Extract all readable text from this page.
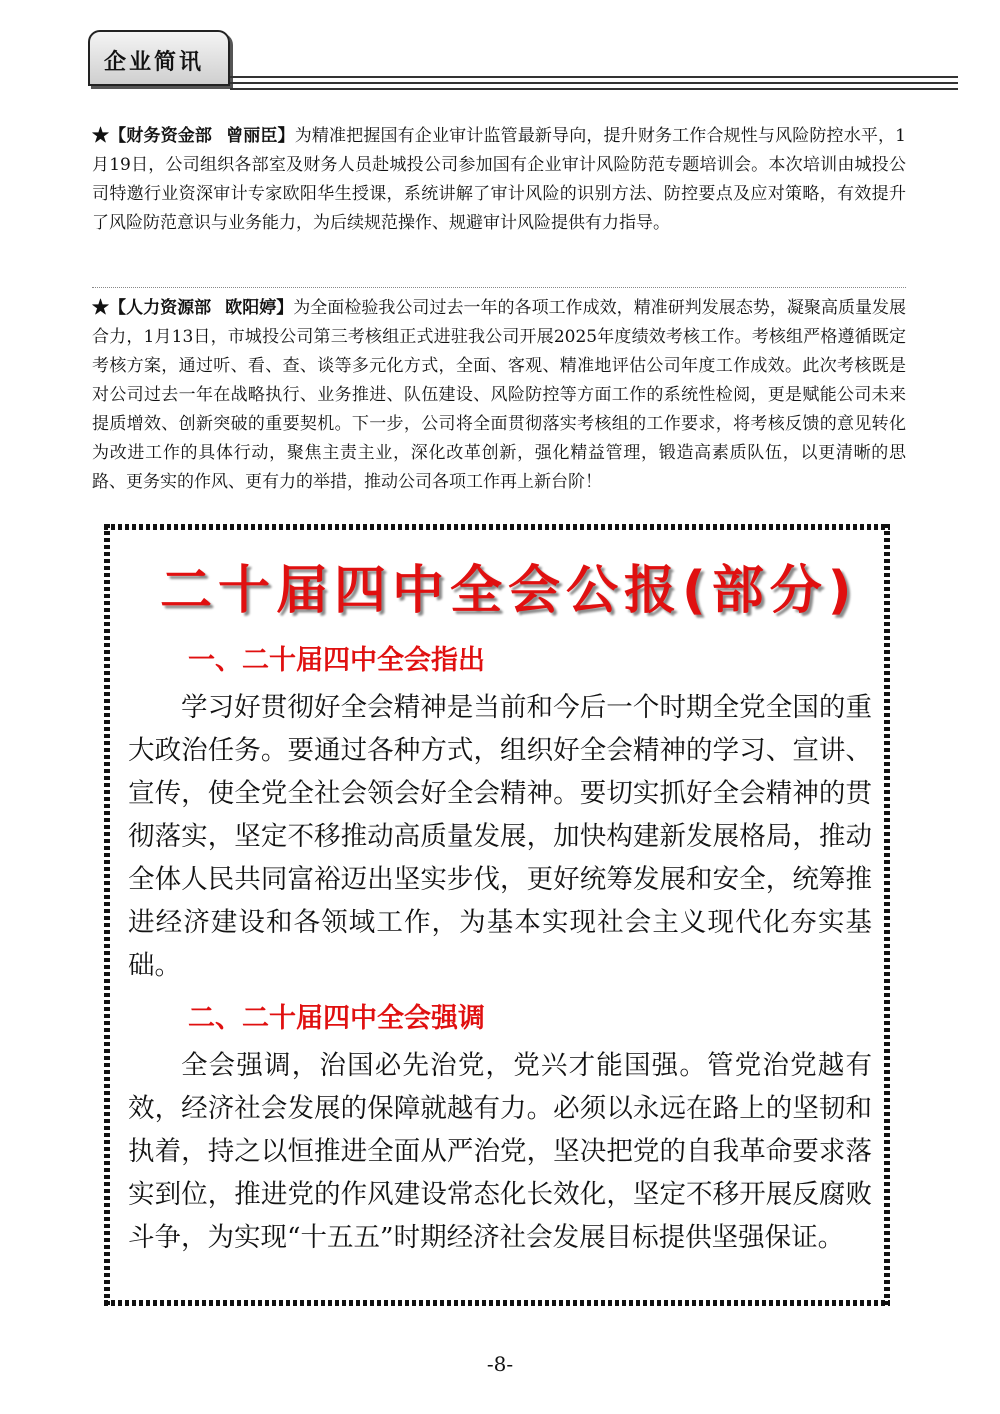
企业简讯

★【财务资金部 曾丽臣】为精准把握国有企业审计监管最新导向，提升财务工作合规性与风险防控水平，1月19日，公司组织各部室及财务人员赴城投公司参加国有企业审计风险防范专题培训会。本次培训由城投公司特邀行业资深审计专家欧阳华生授课，系统讲解了审计风险的识别方法、防控要点及应对策略，有效提升了风险防范意识与业务能力，为后续规范操作、规避审计风险提供有力指导。

★【人力资源部 欧阳婷】为全面检验我公司过去一年的各项工作成效，精准研判发展态势，凝聚高质量发展合力，1月13日，市城投公司第三考核组正式进驻我公司开展2025年度绩效考核工作。考核组严格遵循既定考核方案，通过听、看、查、谈等多元化方式，全面、客观、精准地评估公司年度工作成效。此次考核既是对公司过去一年在战略执行、业务推进、队伍建设、风险防控等方面工作的系统性检阅，更是赋能公司未来提质增效、创新突破的重要契机。下一步，公司将全面贯彻落实考核组的工作要求，将考核反馈的意见转化为改进工作的具体行动，聚焦主责主业，深化改革创新，强化精益管理，锻造高素质队伍，以更清晰的思路、更务实的作风、更有力的举措，推动公司各项工作再上新台阶！

二十届四中全会公报(部分)
一、二十届四中全会指出

学习好贯彻好全会精神是当前和今后一个时期全党全国的重大政治任务。要通过各种方式，组织好全会精神的学习、宣讲、宣传，使全党全社会领会好全会精神。要切实抓好全会精神的贯彻落实，坚定不移推动高质量发展，加快构建新发展格局，推动全体人民共同富裕迈出坚实步伐，更好统筹发展和安全，统筹推进经济建设和各领域工作，为基本实现社会主义现代化夯实基础。

二、二十届四中全会强调

全会强调，治国必先治党，党兴才能国强。管党治党越有效，经济社会发展的保障就越有力。必须以永远在路上的坚韧和执着，持之以恒推进全面从严治党，坚决把党的自我革命要求落实到位，推进党的作风建设常态化长效化，坚定不移开展反腐败斗争，为实现“十五五”时期经济社会发展目标提供坚强保证。

-8-
